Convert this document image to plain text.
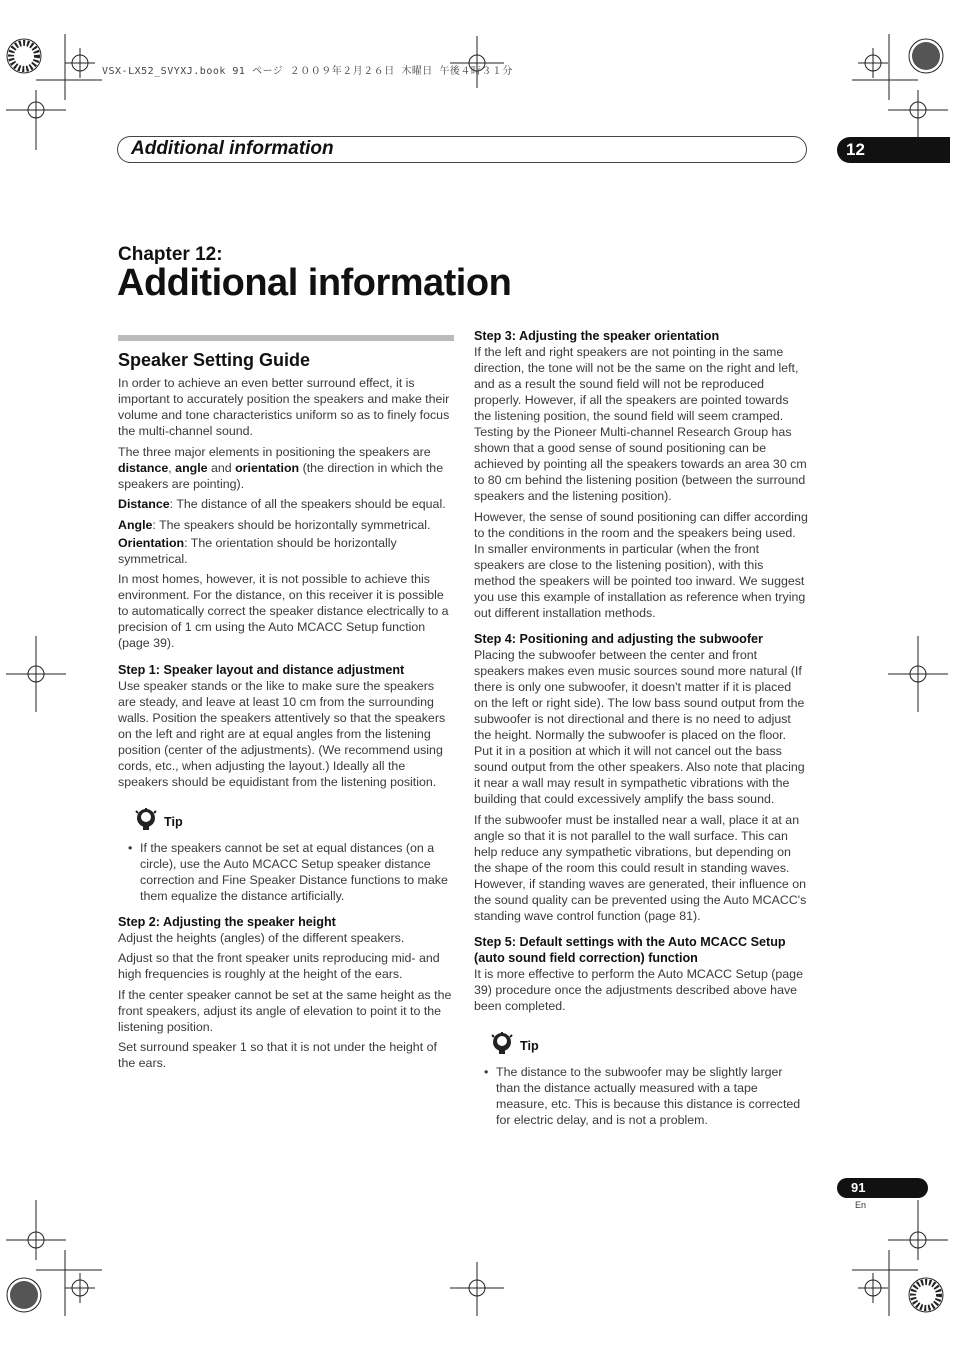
VSX-LX52_SVYXJ.book 91 ページ ２００９年２月２６日 木曜日 午後４時３１分
Additional information	12
Chapter 12:
Additional information
Speaker Setting Guide

In order to achieve an even better surround effect, it is important to accurately position the speakers and make their volume and tone characteristics uniform so as to finely focus the multi-channel sound.

The three major elements in positioning the speakers are distance, angle and orientation (the direction in which the speakers are pointing).

Distance: The distance of all the speakers should be equal.

Angle: The speakers should be horizontally symmetrical.

Orientation: The orientation should be horizontally symmetrical.

In most homes, however, it is not possible to achieve this environment. For the distance, on this receiver it is possible to automatically correct the speaker distance electrically to a precision of 1 cm using the Auto MCACC Setup function (page 39).

Step 1: Speaker layout and distance adjustment

Use speaker stands or the like to make sure the speakers are steady, and leave at least 10 cm from the surrounding walls. Position the speakers attentively so that the speakers on the left and right are at equal angles from the listening position (center of the adjustments). (We recommend using cords, etc., when adjusting the layout.) Ideally all the speakers should be equidistant from the listening position.

Tip
• If the speakers cannot be set at equal distances (on a circle), use the Auto MCACC Setup speaker distance correction and Fine Speaker Distance functions to make them equalize the distance artificially.
Step 2: Adjusting the speaker height

Adjust the heights (angles) of the different speakers.

Adjust so that the front speaker units reproducing mid- and high frequencies is roughly at the height of the ears.

If the center speaker cannot be set at the same height as the front speakers, adjust its angle of elevation to point it to the listening position.

Set surround speaker 1 so that it is not under the height of the ears.

Step 3: Adjusting the speaker orientation

If the left and right speakers are not pointing in the same direction, the tone will not be the same on the right and left, and as a result the sound field will not be reproduced properly. However, if all the speakers are pointed towards the listening position, the sound field will seem cramped. Testing by the Pioneer Multi-channel Research Group has shown that a good sense of sound positioning can be achieved by pointing all the speakers towards an area 30 cm to 80 cm behind the listening position (between the surround speakers and the listening position).

However, the sense of sound positioning can differ according to the conditions in the room and the speakers being used. In smaller environments in particular (when the front speakers are close to the listening position), with this method the speakers will be pointed too inward. We suggest you use this example of installation as reference when trying out different installation methods.

Step 4: Positioning and adjusting the subwoofer

Placing the subwoofer between the center and front speakers makes even music sources sound more natural (If there is only one subwoofer, it doesn't matter if it is placed on the left or right side). The low bass sound output from the subwoofer is not directional and there is no need to adjust the height. Normally the subwoofer is placed on the floor. Put it in a position at which it will not cancel out the bass sound output from the other speakers. Also note that placing it near a wall may result in sympathetic vibrations with the building that could excessively amplify the bass sound.

If the subwoofer must be installed near a wall, place it at an angle so that it is not parallel to the wall surface. This can help reduce any sympathetic vibrations, but depending on the shape of the room this could result in standing waves. However, if standing waves are generated, their influence on the sound quality can be prevented using the Auto MCACC's standing wave control function (page 81).

Step 5: Default settings with the Auto MCACC Setup (auto sound field correction) function

It is more effective to perform the Auto MCACC Setup (page 39) procedure once the adjustments described above have been completed.

Tip
• The distance to the subwoofer may be slightly larger than the distance actually measured with a tape measure, etc. This is because this distance is corrected for electric delay, and is not a problem.
91
En
